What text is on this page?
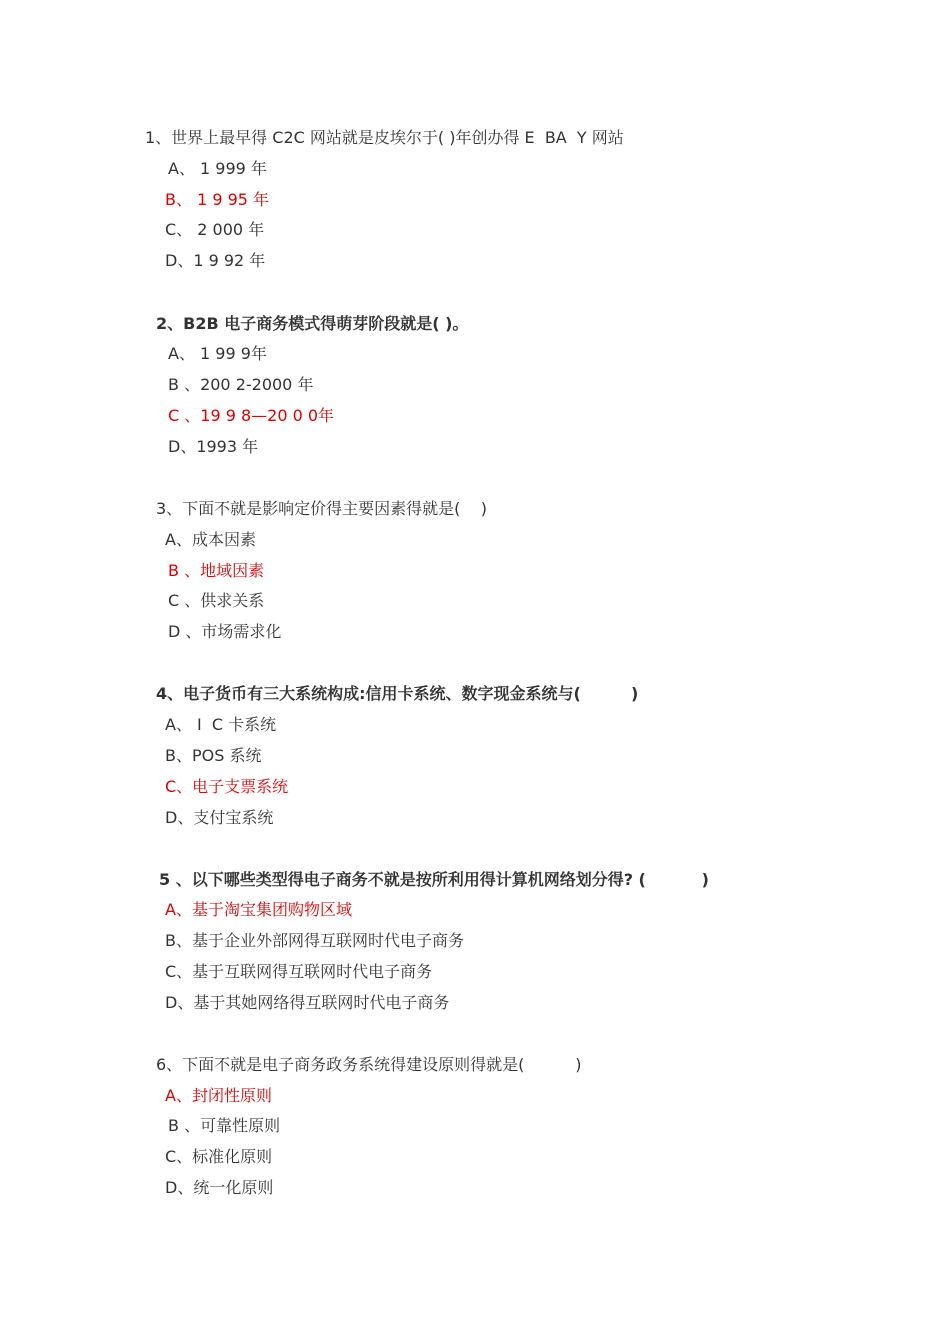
1、世界上最早得 C2C 网站就是皮埃尔于( )年创办得 E  BA  Y 网站
A、 1 999 年
B、 1 9 95 年
C、 2 000 年
D、1 9 92 年
2、B2B 电子商务模式得萌芽阶段就是( )。
A、 1 99 9年
B 、200 2-2000 年
C 、19 9 8—20 0 0年
D、1993 年
3、下面不就是影响定价得主要因素得就是(    )
A、成本因素
B 、地域因素
C 、供求关系
D 、市场需求化
4、电子货币有三大系统构成:信用卡系统、数字现金系统与(         )
A、 I  C 卡系统
B、POS 系统
C、电子支票系统
D、支付宝系统
5 、以下哪些类型得电子商务不就是按所利用得计算机网络划分得? (          )
A、基于淘宝集团购物区域
B、基于企业外部网得互联网时代电子商务
C、基于互联网得互联网时代电子商务
D、基于其她网络得互联网时代电子商务
6、下面不就是电子商务政务系统得建设原则得就是(          )
A、封闭性原则
B 、可靠性原则
C、标准化原则
D、统一化原则
